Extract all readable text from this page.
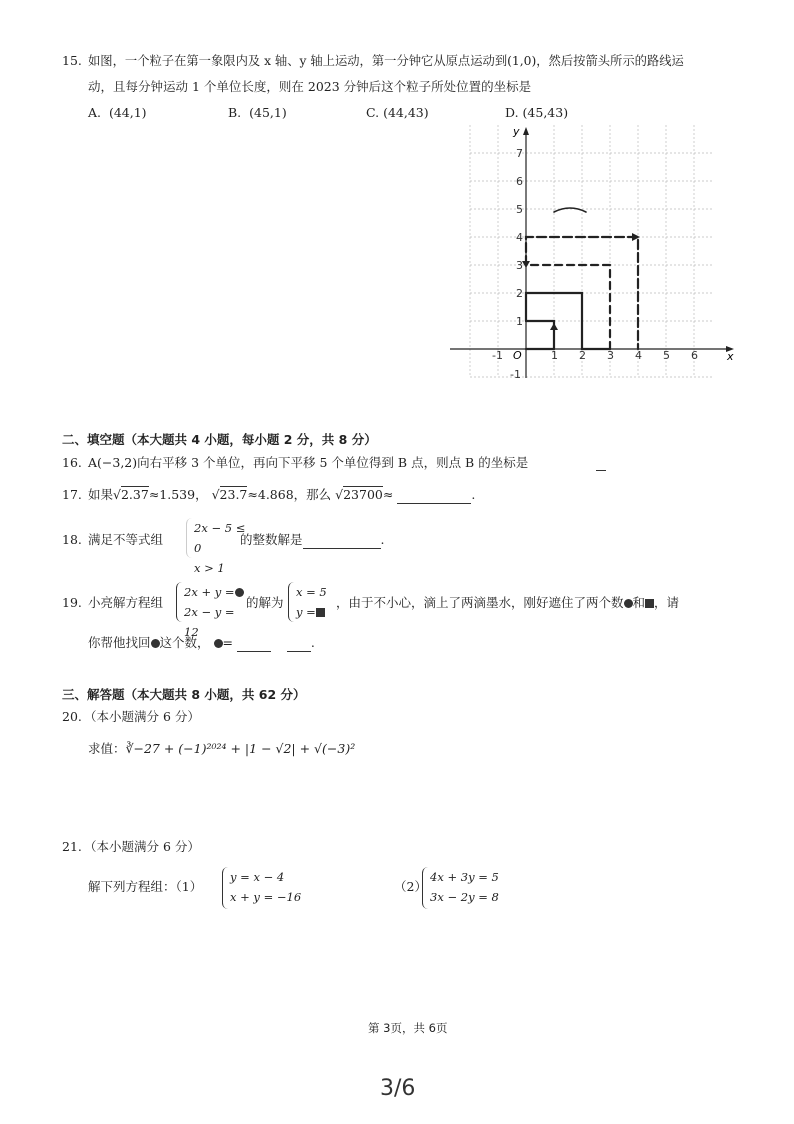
15. 如图，一个粒子在第一象限内及 x 轴、y 轴上运动，第一分钟它从原点运动到(1,0)，然后按箭头所示的路线运
动，且每分钟运动 1 个单位长度，则在 2023 分钟后这个粒子所处位置的坐标是
A. (44,1)	B. (45,1)	C. (44,43)	D. (45,43)
x
y
O
-1	1 2 3 4 5 6
-1
1
2
3
4
5
6
7
二、填空题（本大题共 4 小题，每小题 2 分，共 8 分）
16. A(−3,2)向右平移 3 个单位，再向下平移 5 个单位得到 B 点，则点 B 的坐标是
17. 如果√2.37≈1.539， √23.7≈4.868，那么 √23700≈	.
18. 满足不等式组
2x − 5 ≤ 0
x > 1
的整数解是	.
19. 小亮解方程组
2x + y =
2x − y = 12
的解为
x = 5
y =
，由于不小心，滴上了两滴墨水，刚好遮住了两个数 和 ，请
你帮他找回 这个数， =	.
三、解答题（本大题共 8 小题，共 62 分）
20. （本小题满分 6 分）
求值：∛−27 + (−1)²⁰²⁴ + |1 − √2| + √(−3)²
21. （本小题满分 6 分）
解下列方程组：（1）
y = x − 4
x + y = −16
（2）
4x + 3y = 5
3x − 2y = 8
第 3页，共 6页
3/6
